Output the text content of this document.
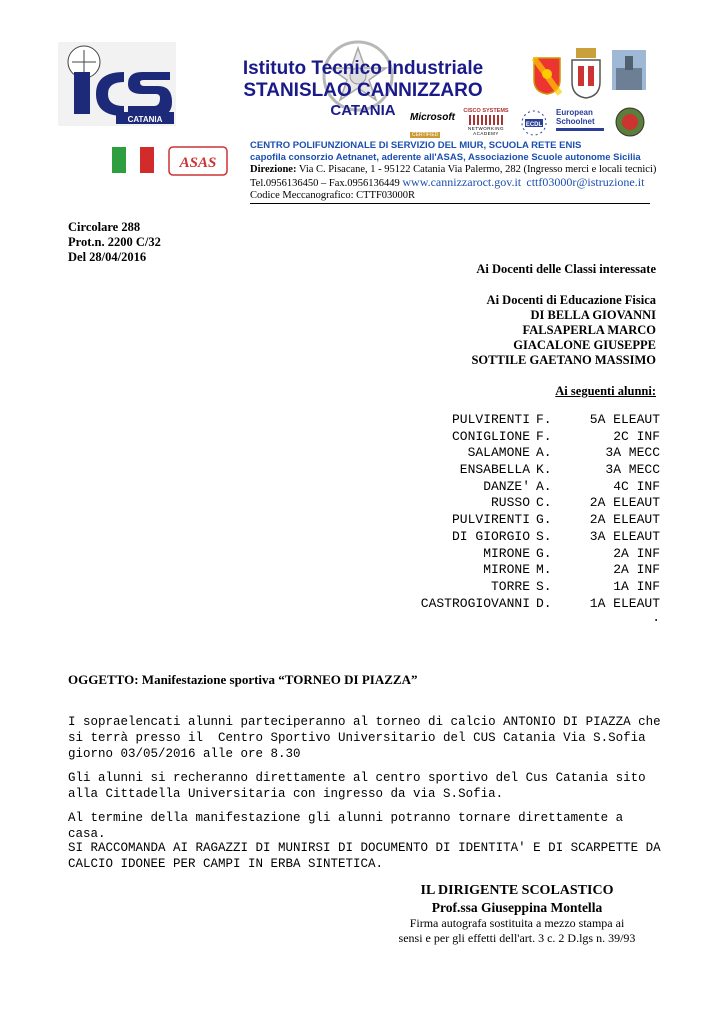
CATANIA
Istituto Tecnico Industriale
STANISLAO CANNIZZARO
CATANIA	Microsoft
CERTIFIED
CISCO SYSTEMS
NETWORKING ACADEMY
ECDL
European Schoolnet
ASAS
CENTRO POLIFUNZIONALE DI SERVIZIO DEL MIUR, SCUOLA RETE ENIS
capofila consorzio Aetnanet, aderente all'ASAS, Associazione Scuole autonome Sicilia
Direzione: Via C. Pisacane, 1 - 95122 Catania Via Palermo, 282 (Ingresso merci e locali tecnici)
Tel.0956136450 – Fax.0956136449 www.cannizzaroct.gov.it cttf03000r@istruzione.it
Codice Meccanografico: CTTF03000R
Circolare 288
Prot.n. 2200 C/32
Del 28/04/2016
Ai Docenti delle Classi interessate
Ai Docenti di Educazione Fisica
DI BELLA GIOVANNI
FALSAPERLA MARCO
GIACALONE GIUSEPPE
SOTTILE GAETANO MASSIMO
Ai seguenti alunni:
PULVIRENTI F.	5A ELEAUT
CONIGLIONE F.	2C INF
SALAMONE A.	3A MECC
ENSABELLA K.	3A MECC
DANZE' A.	4C INF
RUSSO C.	2A ELEAUT
PULVIRENTI G.	2A ELEAUT
DI GIORGIO S.	3A ELEAUT
MIRONE G.	2A INF
MIRONE M.	2A INF
TORRE S.	1A INF
CASTROGIOVANNI D.	1A ELEAUT
.
OGGETTO: Manifestazione sportiva “TORNEO DI PIAZZA”
I sopraelencati alunni parteciperanno al torneo di calcio ANTONIO DI PIAZZA che
si terrà presso il  Centro Sportivo Universitario del CUS Catania Via S.Sofia
giorno 03/05/2016 alle ore 8.30
Gli alunni si recheranno direttamente al centro sportivo del Cus Catania sito
alla Cittadella Universitaria con ingresso da via S.Sofia.
Al termine della manifestazione gli alunni potranno tornare direttamente a casa.
SI RACCOMANDA AI RAGAZZI DI MUNIRSI DI DOCUMENTO DI IDENTITA' E DI SCARPETTE DA
CALCIO IDONEE PER CAMPI IN ERBA SINTETICA.
IL DIRIGENTE SCOLASTICO
Prof.ssa Giuseppina Montella
Firma autografa sostituita a mezzo stampa ai
sensi e per gli effetti dell'art. 3 c. 2 D.lgs n. 39/93
